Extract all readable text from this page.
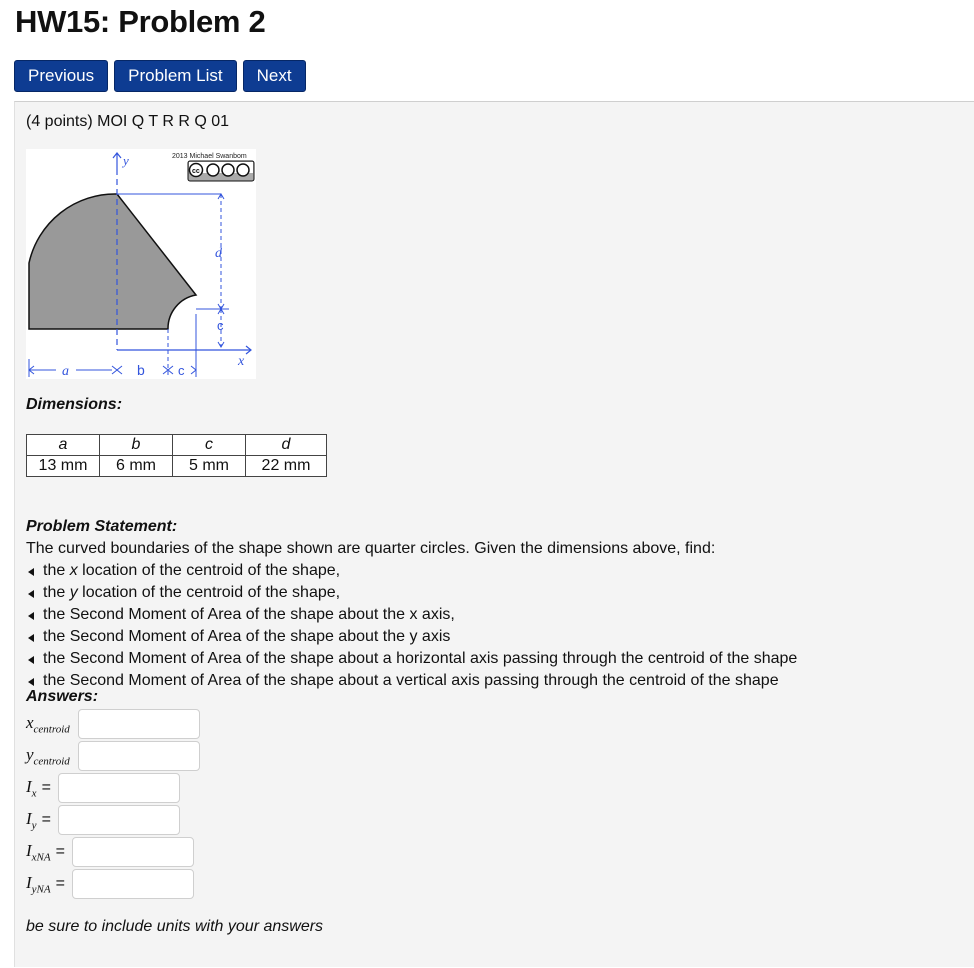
HW15: Problem 2
Previous	Problem List	Next
(4 points) MOI Q T R R Q 01
2013 Michael Swanbom
cc
y
x
d
c
a	b	c
Dimensions:
a	b	c	d
13 mm	6 mm	5 mm	22 mm
Problem Statement:
The curved boundaries of the shape shown are quarter circles. Given the dimensions above, find:
the x location of the centroid of the shape,
the y location of the centroid of the shape,
the Second Moment of Area of the shape about the x axis,
the Second Moment of Area of the shape about the y axis
the Second Moment of Area of the shape about a horizontal axis passing through the centroid of the shape
the Second Moment of Area of the shape about a vertical axis passing through the centroid of the shape
Answers:
$x_{centroid}$
$y_{centroid}$
$I_x$ =
$I_y$ =
$I_{xNA}$ =
$I_{yNA}$ =
be sure to include units with your answers
